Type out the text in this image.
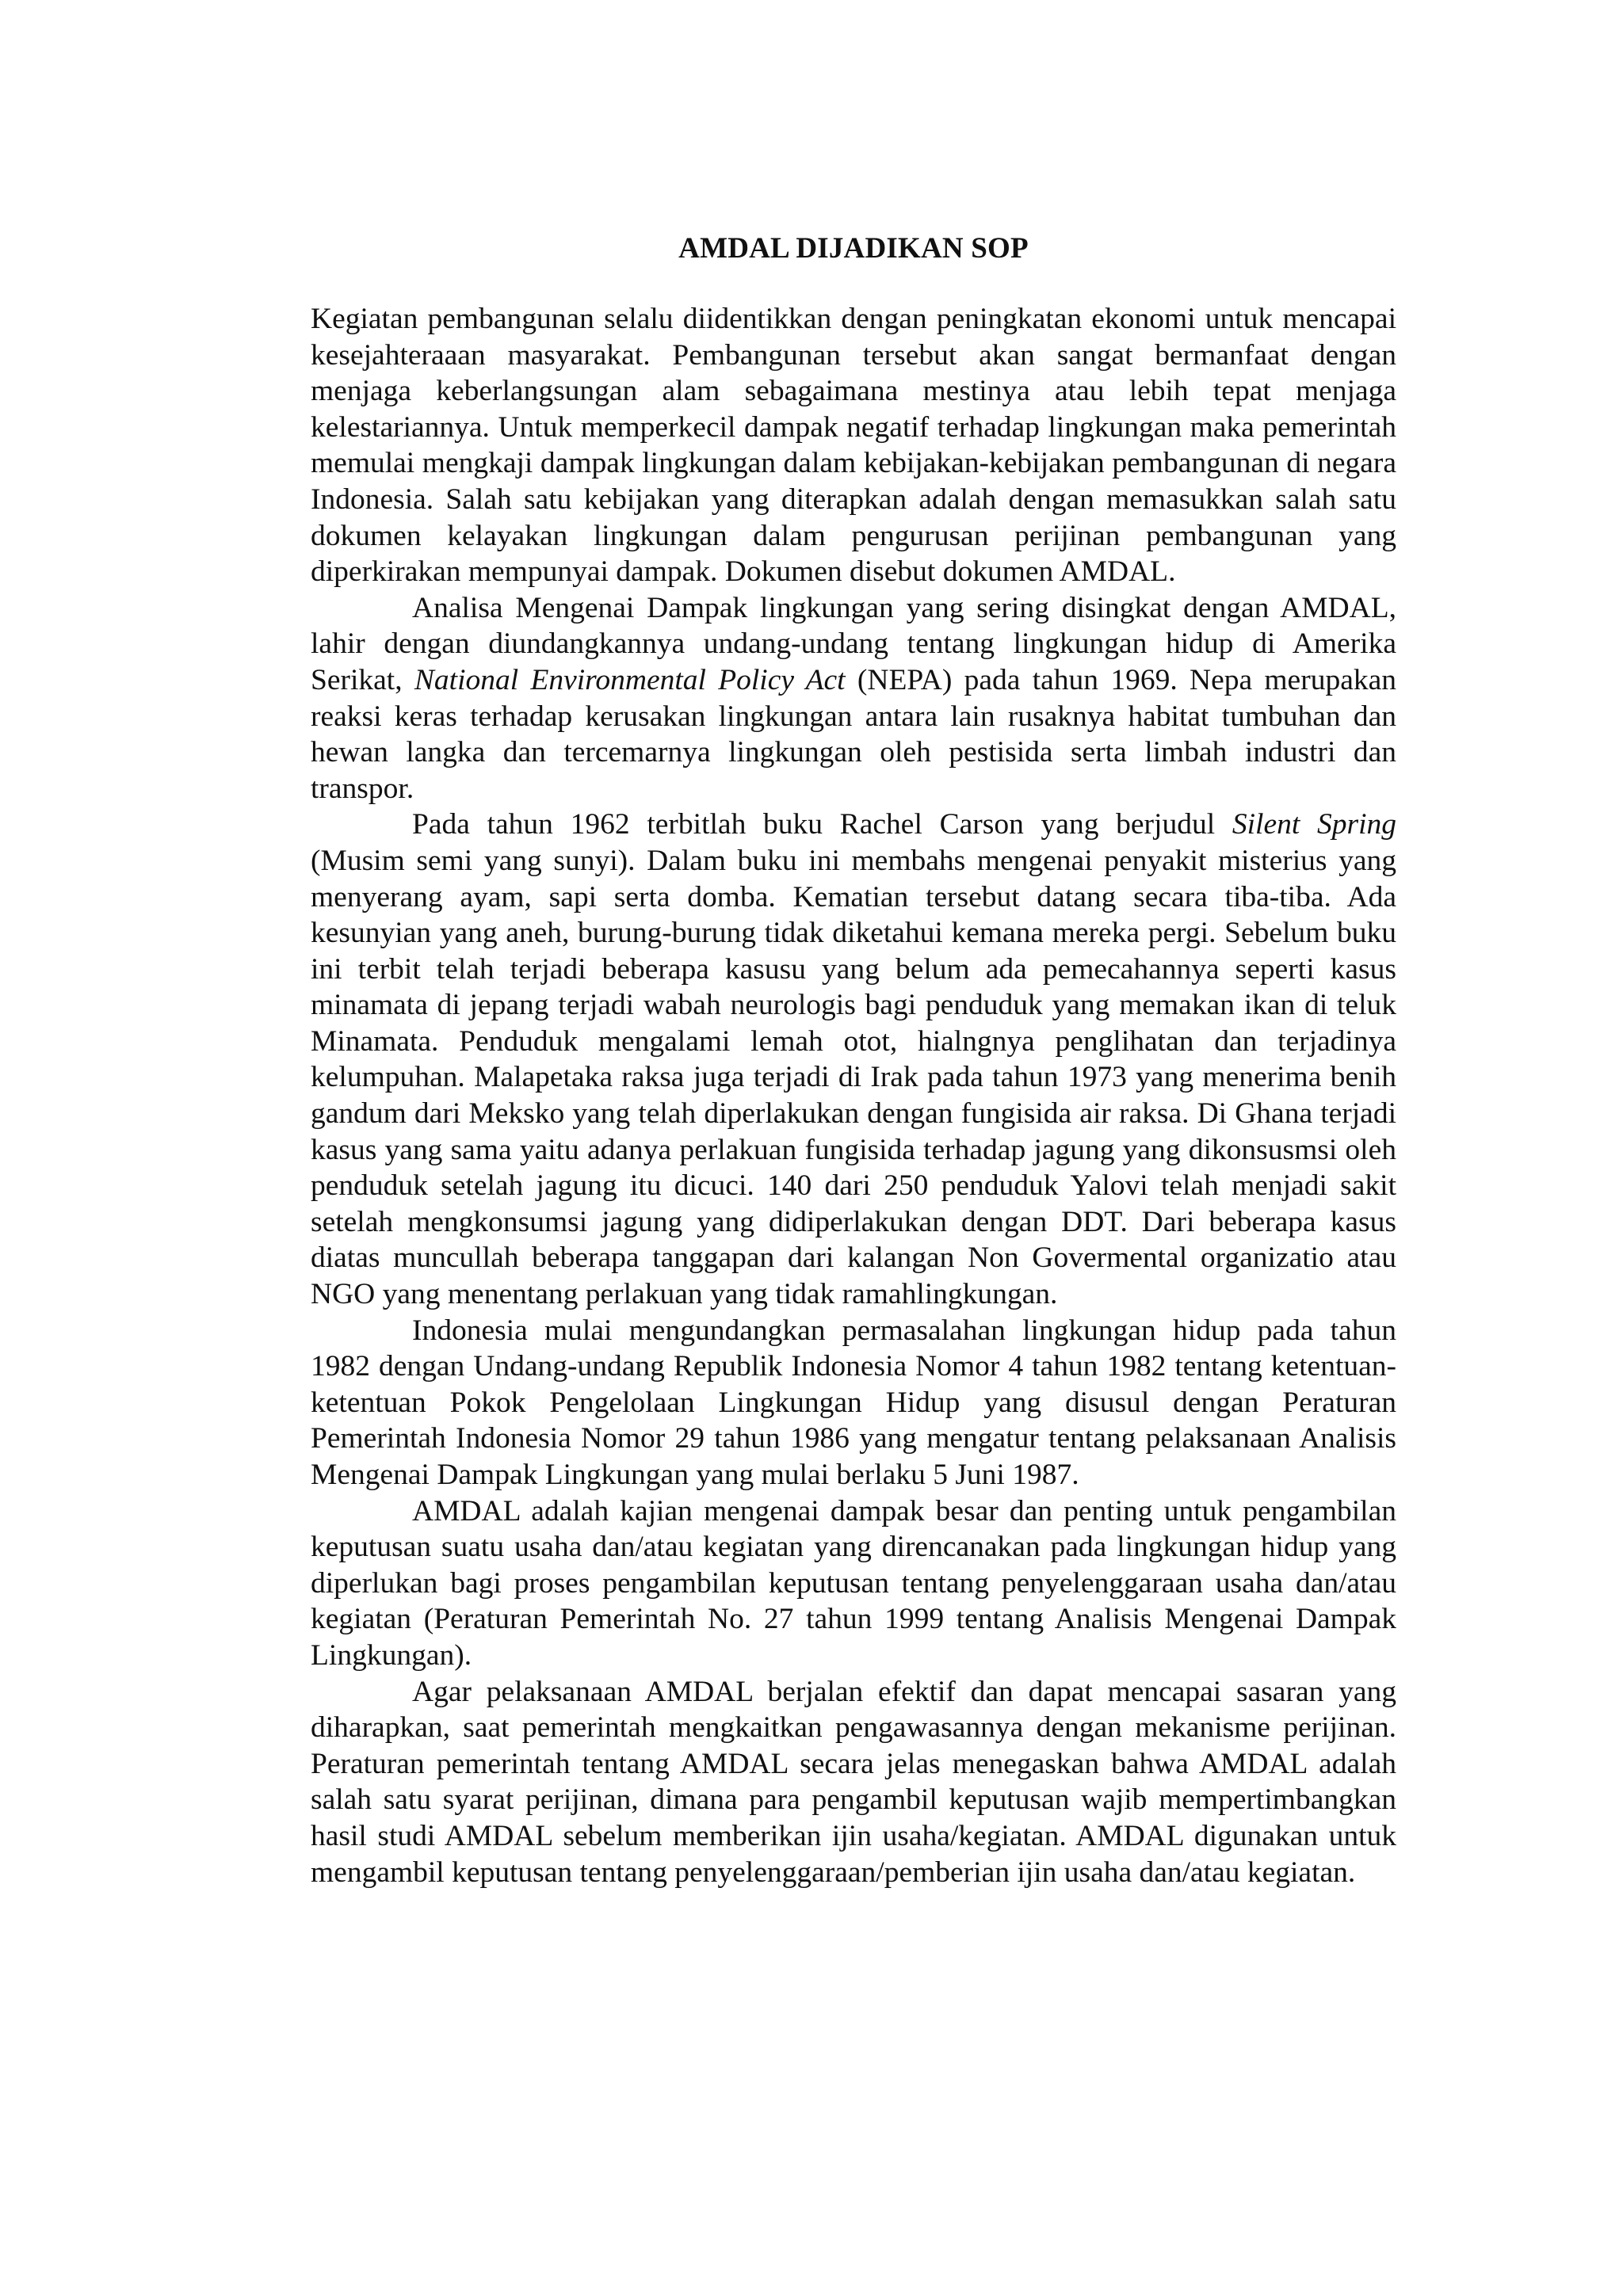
AMDAL DIJADIKAN SOP

Kegiatan pembangunan selalu diidentikkan dengan peningkatan ekonomi untuk mencapai kesejahteraaan masyarakat. Pembangunan tersebut akan sangat bermanfaat dengan menjaga keberlangsungan alam sebagaimana mestinya atau lebih tepat menjaga kelestariannya. Untuk memperkecil dampak negatif terhadap lingkungan maka pemerintah memulai mengkaji dampak lingkungan dalam kebijakan-kebijakan pembangunan di negara Indonesia. Salah satu kebijakan yang diterapkan adalah dengan memasukkan salah satu dokumen kelayakan lingkungan dalam pengurusan perijinan pembangunan yang diperkirakan mempunyai dampak. Dokumen disebut dokumen AMDAL.

Analisa Mengenai Dampak lingkungan yang sering disingkat dengan AMDAL, lahir dengan diundangkannya undang-undang tentang lingkungan hidup di Amerika Serikat, National Environmental Policy Act (NEPA) pada tahun 1969. Nepa merupakan reaksi keras terhadap kerusakan lingkungan antara lain rusaknya habitat tumbuhan dan hewan langka dan tercemarnya lingkungan oleh pestisida serta limbah industri dan transpor.

Pada tahun 1962 terbitlah buku Rachel Carson yang berjudul Silent Spring (Musim semi yang sunyi). Dalam buku ini membahs mengenai penyakit misterius yang menyerang ayam, sapi serta domba. Kematian tersebut datang secara tiba-tiba. Ada kesunyian yang aneh, burung-burung tidak diketahui kemana mereka pergi. Sebelum buku ini terbit telah terjadi beberapa kasusu yang belum ada pemecahannya seperti kasus minamata di jepang terjadi wabah neurologis bagi penduduk yang memakan ikan di teluk Minamata. Penduduk mengalami lemah otot, hialngnya penglihatan dan terjadinya kelumpuhan. Malapetaka raksa juga terjadi di Irak pada tahun 1973 yang menerima benih gandum dari Meksko yang telah diperlakukan dengan fungisida air raksa. Di Ghana terjadi kasus yang sama yaitu adanya perlakuan fungisida terhadap jagung yang dikonsusmsi oleh penduduk setelah jagung itu dicuci. 140 dari 250 penduduk Yalovi telah menjadi sakit setelah mengkonsumsi jagung yang didiperlakukan dengan DDT. Dari beberapa kasus diatas muncullah beberapa tanggapan dari kalangan Non Govermental organizatio atau NGO yang menentang perlakuan yang tidak ramahlingkungan.

Indonesia mulai mengundangkan permasalahan lingkungan hidup pada tahun 1982 dengan Undang-undang Republik Indonesia Nomor 4 tahun 1982 tentang ketentuan-ketentuan Pokok Pengelolaan Lingkungan Hidup yang disusul dengan Peraturan Pemerintah Indonesia Nomor 29 tahun 1986 yang mengatur tentang pelaksanaan Analisis Mengenai Dampak Lingkungan yang mulai berlaku 5 Juni 1987.

AMDAL adalah kajian mengenai dampak besar dan penting untuk pengambilan keputusan suatu usaha dan/atau kegiatan yang direncanakan pada lingkungan hidup yang diperlukan bagi proses pengambilan keputusan tentang penyelenggaraan usaha dan/atau kegiatan (Peraturan Pemerintah No. 27 tahun 1999 tentang Analisis Mengenai Dampak Lingkungan).

Agar pelaksanaan AMDAL berjalan efektif dan dapat mencapai sasaran yang diharapkan, saat pemerintah mengkaitkan pengawasannya dengan mekanisme perijinan. Peraturan pemerintah tentang AMDAL secara jelas menegaskan bahwa AMDAL adalah salah satu syarat perijinan, dimana para pengambil keputusan wajib mempertimbangkan hasil studi AMDAL sebelum memberikan ijin usaha/kegiatan. AMDAL digunakan untuk mengambil keputusan tentang penyelenggaraan/pemberian ijin usaha dan/atau kegiatan.
